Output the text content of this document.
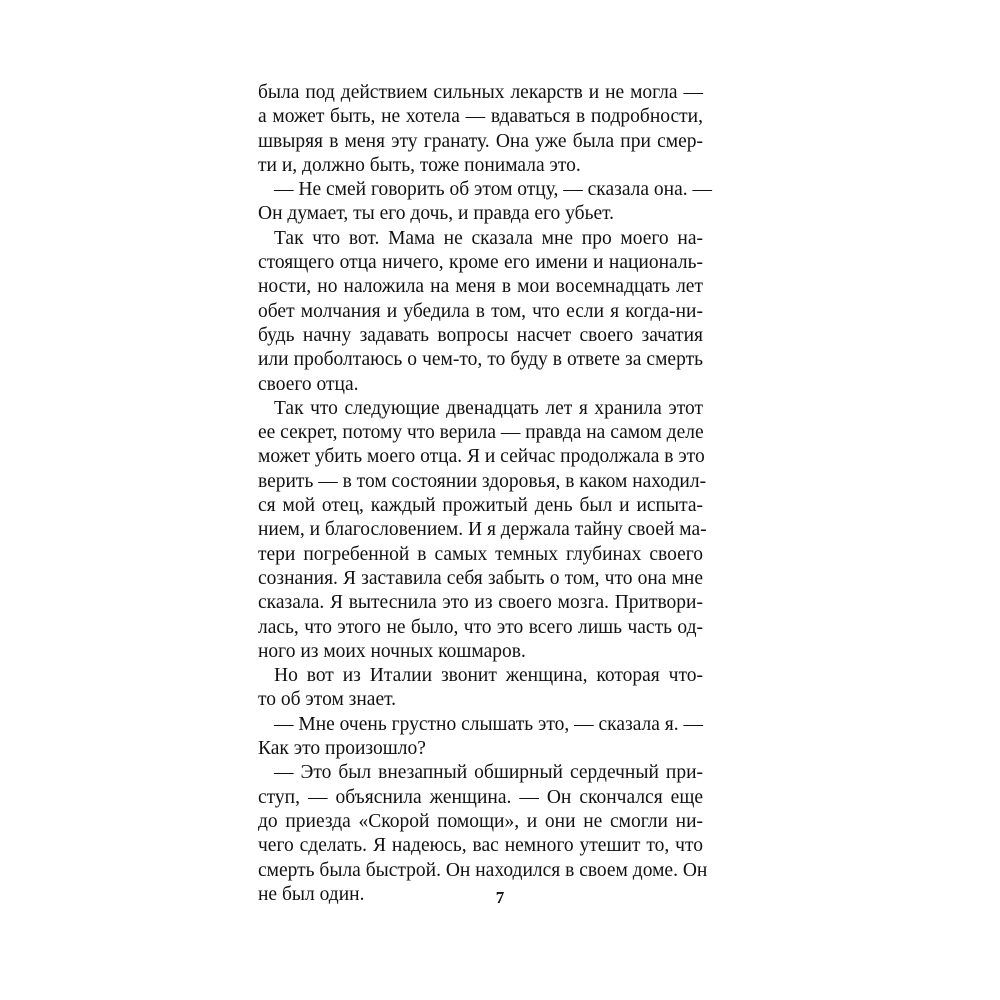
была под действием сильных лекарств и не могла —
а может быть, не хотела — вдаваться в подробности,
швыряя в меня эту гранату. Она уже была при смер-
ти и, должно быть, тоже понимала это.
— Не смей говорить об этом отцу, — сказала она. —
Он думает, ты его дочь, и правда его убьет.
Так что вот. Мама не сказала мне про моего на-
стоящего отца ничего, кроме его имени и националь-
ности, но наложила на меня в мои восемнадцать лет
обет молчания и убедила в том, что если я когда-ни-
будь начну задавать вопросы насчет своего зачатия
или проболтаюсь о чем-то, то буду в ответе за смерть
своего отца.
Так что следующие двенадцать лет я хранила этот
ее секрет, потому что верила — правда на самом деле
может убить моего отца. Я и сейчас продолжала в это
верить — в том состоянии здоровья, в каком находил-
ся мой отец, каждый прожитый день был и испыта-
нием, и благословением. И я держала тайну своей ма-
тери погребенной в самых темных глубинах своего
сознания. Я заставила себя забыть о том, что она мне
сказала. Я вытеснила это из своего мозга. Притвори-
лась, что этого не было, что это всего лишь часть од-
ного из моих ночных кошмаров.
Но вот из Италии звонит женщина, которая что-
то об этом знает.
— Мне очень грустно слышать это, — сказала я. —
Как это произошло?
— Это был внезапный обширный сердечный при-
ступ, — объяснила женщина. — Он скончался еще
до приезда «Скорой помощи», и они не смогли ни-
чего сделать. Я надеюсь, вас немного утешит то, что
смерть была быстрой. Он находился в своем доме. Он
не был один.	7
